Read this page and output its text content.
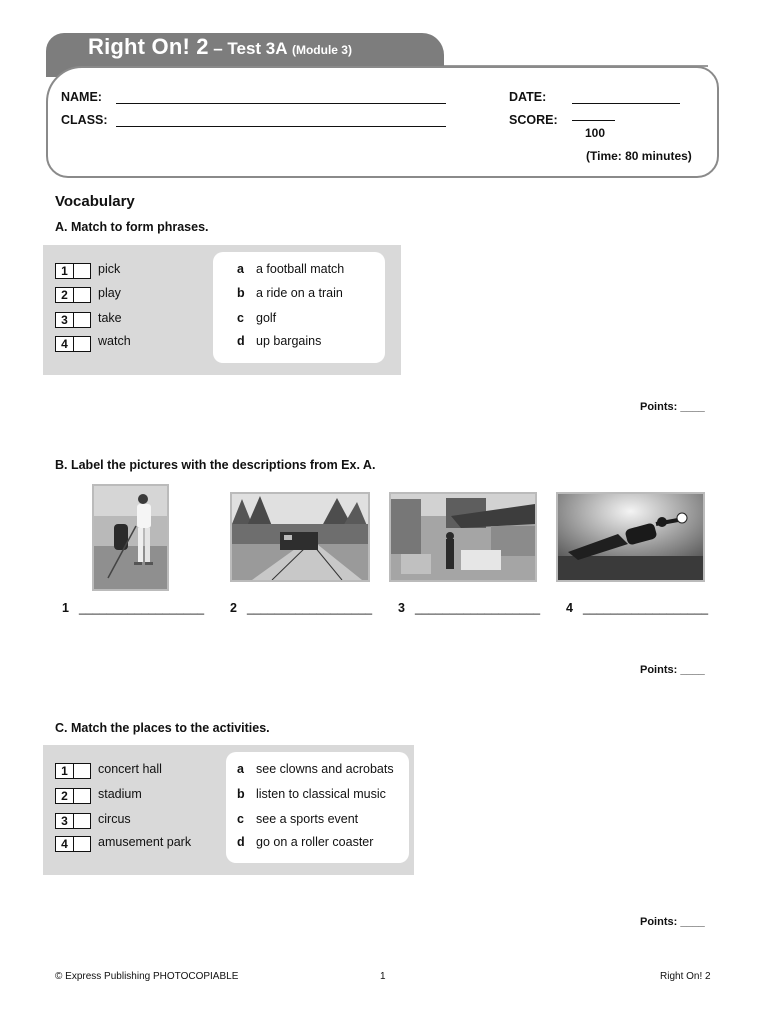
Right On! 2 – Test 3A (Module 3)
NAME:
CLASS:
DATE:
SCORE:
100
(Time: 80 minutes)
Vocabulary
A. Match to form phrases.
1	pick
2	play
3	take
4	watch
a a football match
b a ride on a train
c golf
d up bargains
Points: ____
B. Label the pictures with the descriptions from Ex. A.
1 __________________ 2 __________________ 3 __________________ 4 __________________
Points: ____
C. Match the places to the activities.
1	concert hall
2	stadium
3	circus
4	amusement park
a see clowns and acrobats
b listen to classical music
c see a sports event
d go on a roller coaster
Points: ____
© Express Publishing PHOTOCOPIABLE	1	Right On! 2
